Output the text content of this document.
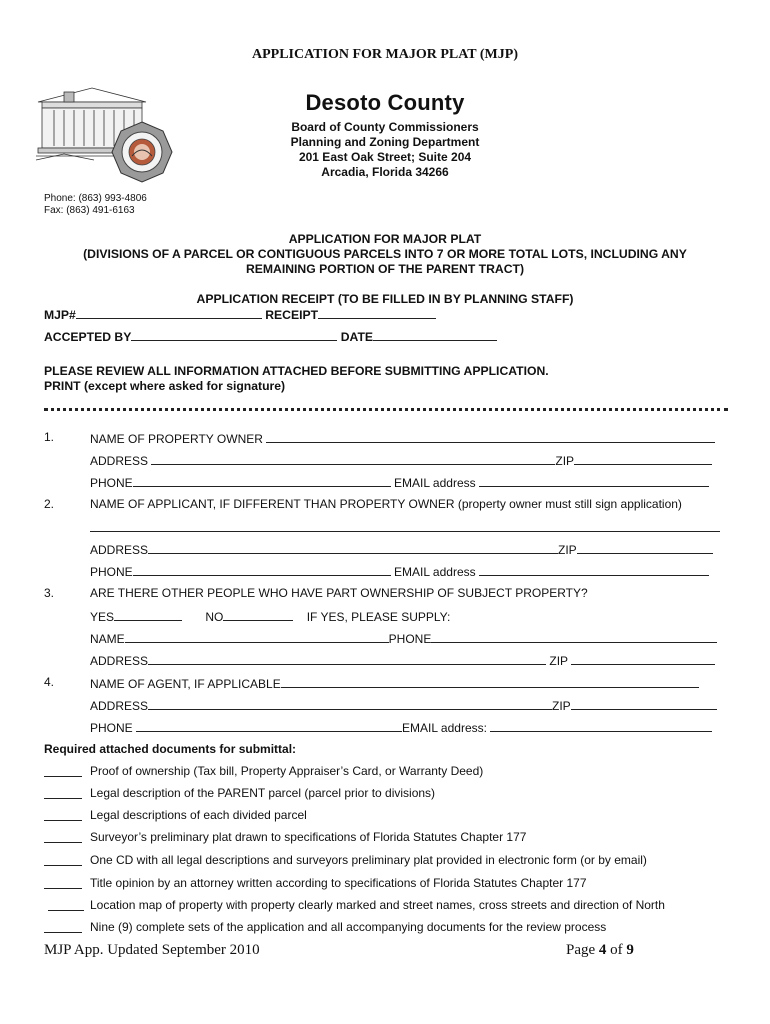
APPLICATION FOR MAJOR PLAT (MJP)
Desoto County
Board of County Commissioners
Planning and Zoning Department
201 East Oak Street; Suite 204
Arcadia, Florida 34266
Phone: (863) 993-4806
Fax: (863) 491-6163
APPLICATION FOR MAJOR PLAT
(DIVISIONS OF A PARCEL OR CONTIGUOUS PARCELS INTO 7 OR MORE TOTAL LOTS, INCLUDING ANY
REMAINING PORTION OF THE PARENT TRACT)
APPLICATION RECEIPT (TO BE FILLED IN BY PLANNING STAFF)
MJP#	RECEIPT
ACCEPTED BY	DATE
PLEASE REVIEW ALL INFORMATION ATTACHED BEFORE SUBMITTING APPLICATION.
PRINT (except where asked for signature)
1.	NAME OF PROPERTY OWNER
ADDRESS	ZIP
PHONE	EMAIL address
2.	NAME OF APPLICANT, IF DIFFERENT THAN PROPERTY OWNER (property owner must still sign application)
ADDRESS	ZIP
PHONE	EMAIL address
3.	ARE THERE OTHER PEOPLE WHO HAVE PART OWNERSHIP OF SUBJECT PROPERTY?
YES	NO	IF YES, PLEASE SUPPLY:
NAME	PHONE
ADDRESS	ZIP
4.	NAME OF AGENT, IF APPLICABLE
ADDRESS	ZIP
PHONE	EMAIL address:
Required attached documents for submittal:
Proof of ownership (Tax bill, Property Appraiser’s Card, or Warranty Deed)
Legal description of the PARENT parcel (parcel prior to divisions)
Legal descriptions of each divided parcel
Surveyor’s preliminary plat drawn to specifications of Florida Statutes Chapter 177
One CD with all legal descriptions and surveyors preliminary plat provided in electronic form (or by email)
Title opinion by an attorney written according to specifications of Florida Statutes Chapter 177
Location map of property with property clearly marked and street names, cross streets and direction of North
Nine (9) complete sets of the application and all accompanying documents for the review process
MJP App. Updated September 2010	Page 4 of 9
